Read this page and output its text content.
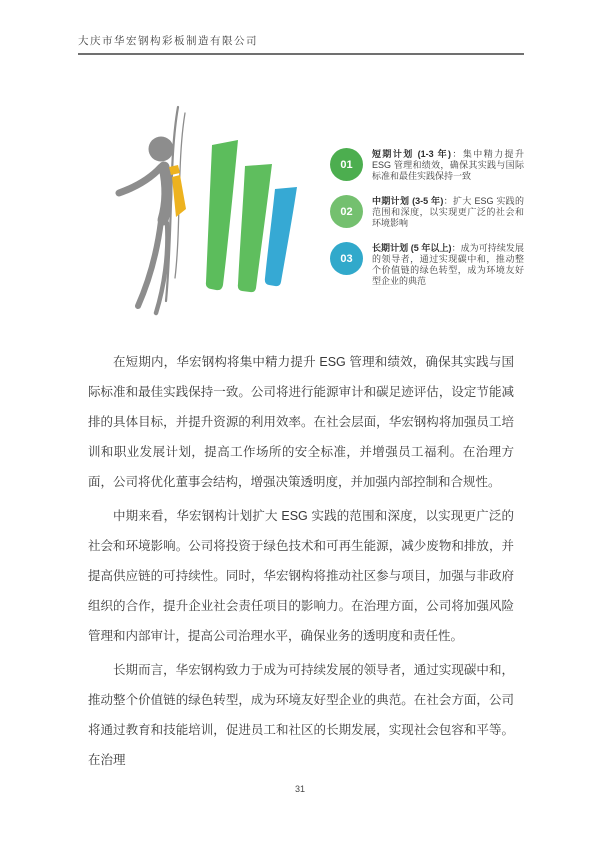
大庆市华宏钢构彩板制造有限公司
01
短期计划 (1-3 年)：集中精力提升 ESG 管理和绩效，确保其实践与国际标准和最佳实践保持一致
02
中期计划 (3-5 年)：扩大 ESG 实践的范围和深度，以实现更广泛的社会和环境影响
03
长期计划 (5 年以上)：成为可持续发展的领导者，通过实现碳中和，推动整个价值链的绿色转型，成为环境友好型企业的典范

在短期内，华宏钢构将集中精力提升 ESG 管理和绩效，确保其实践与国际标准和最佳实践保持一致。公司将进行能源审计和碳足迹评估，设定节能减排的具体目标，并提升资源的利用效率。在社会层面，华宏钢构将加强员工培训和职业发展计划，提高工作场所的安全标准，并增强员工福利。在治理方面，公司将优化董事会结构，增强决策透明度，并加强内部控制和合规性。

中期来看，华宏钢构计划扩大 ESG 实践的范围和深度，以实现更广泛的社会和环境影响。公司将投资于绿色技术和可再生能源，减少废物和排放，并提高供应链的可持续性。同时，华宏钢构将推动社区参与项目，加强与非政府组织的合作，提升企业社会责任项目的影响力。在治理方面，公司将加强风险管理和内部审计，提高公司治理水平，确保业务的透明度和责任性。

长期而言，华宏钢构致力于成为可持续发展的领导者，通过实现碳中和，推动整个价值链的绿色转型，成为环境友好型企业的典范。在社会方面，公司将通过教育和技能培训，促进员工和社区的长期发展，实现社会包容和平等。在治理

31
